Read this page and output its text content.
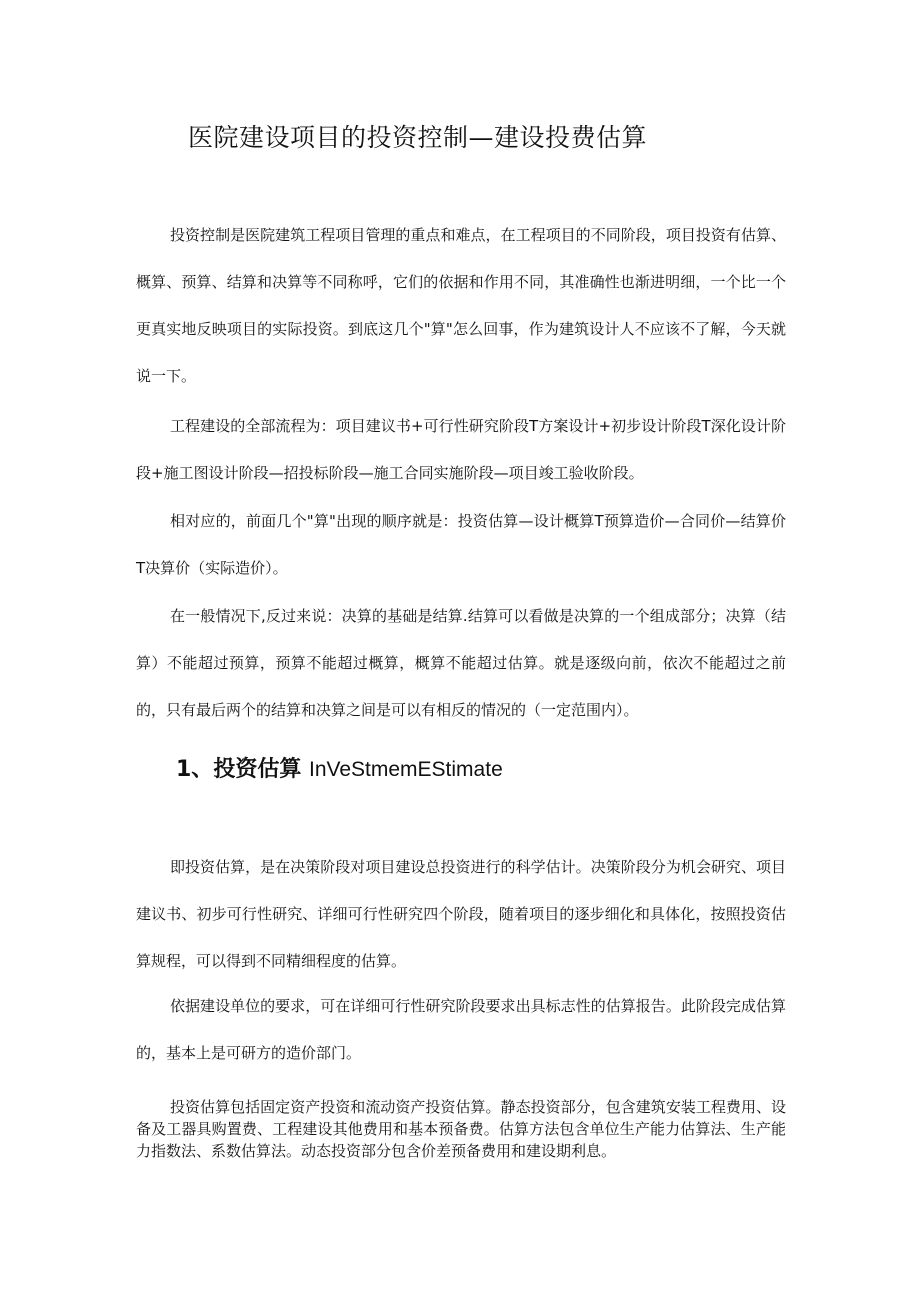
医院建设项目的投资控制—建设投费估算

投资控制是医院建筑工程项目管理的重点和难点，在工程项目的不同阶段，项目投资有估算、概算、预算、结算和决算等不同称呼，它们的依据和作用不同，其准确性也渐进明细，一个比一个更真实地反映项目的实际投资。到底这几个"算"怎么回事，作为建筑设计人不应该不了解，今天就说一下。

工程建设的全部流程为：项目建议书+可行性研究阶段T方案设计+初步设计阶段T深化设计阶段+施工图设计阶段—招投标阶段—施工合同实施阶段—项目竣工验收阶段。

相对应的，前面几个"算"出现的顺序就是：投资估算—设计概算T预算造价—合同价—结算价T决算价（实际造价）。

在一般情况下,反过来说：决算的基础是结算.结算可以看做是决算的一个组成部分；决算（结算）不能超过预算，预算不能超过概算，概算不能超过估算。就是逐级向前，依次不能超过之前的，只有最后两个的结算和决算之间是可以有相反的情况的（一定范围内）。

1、投资估算 InVeStmemEStimate

即投资估算，是在决策阶段对项目建设总投资进行的科学估计。决策阶段分为机会研究、项目建议书、初步可行性研究、详细可行性研究四个阶段，随着项目的逐步细化和具体化，按照投资估算规程，可以得到不同精细程度的估算。

依据建设单位的要求，可在详细可行性研究阶段要求出具标志性的估算报告。此阶段完成估算的，基本上是可研方的造价部门。

投资估算包括固定资产投资和流动资产投资估算。静态投资部分，包含建筑安装工程费用、设备及工器具购置费、工程建设其他费用和基本预备费。估算方法包含单位生产能力估算法、生产能力指数法、系数估算法。动态投资部分包含价差预备费用和建设期利息。
